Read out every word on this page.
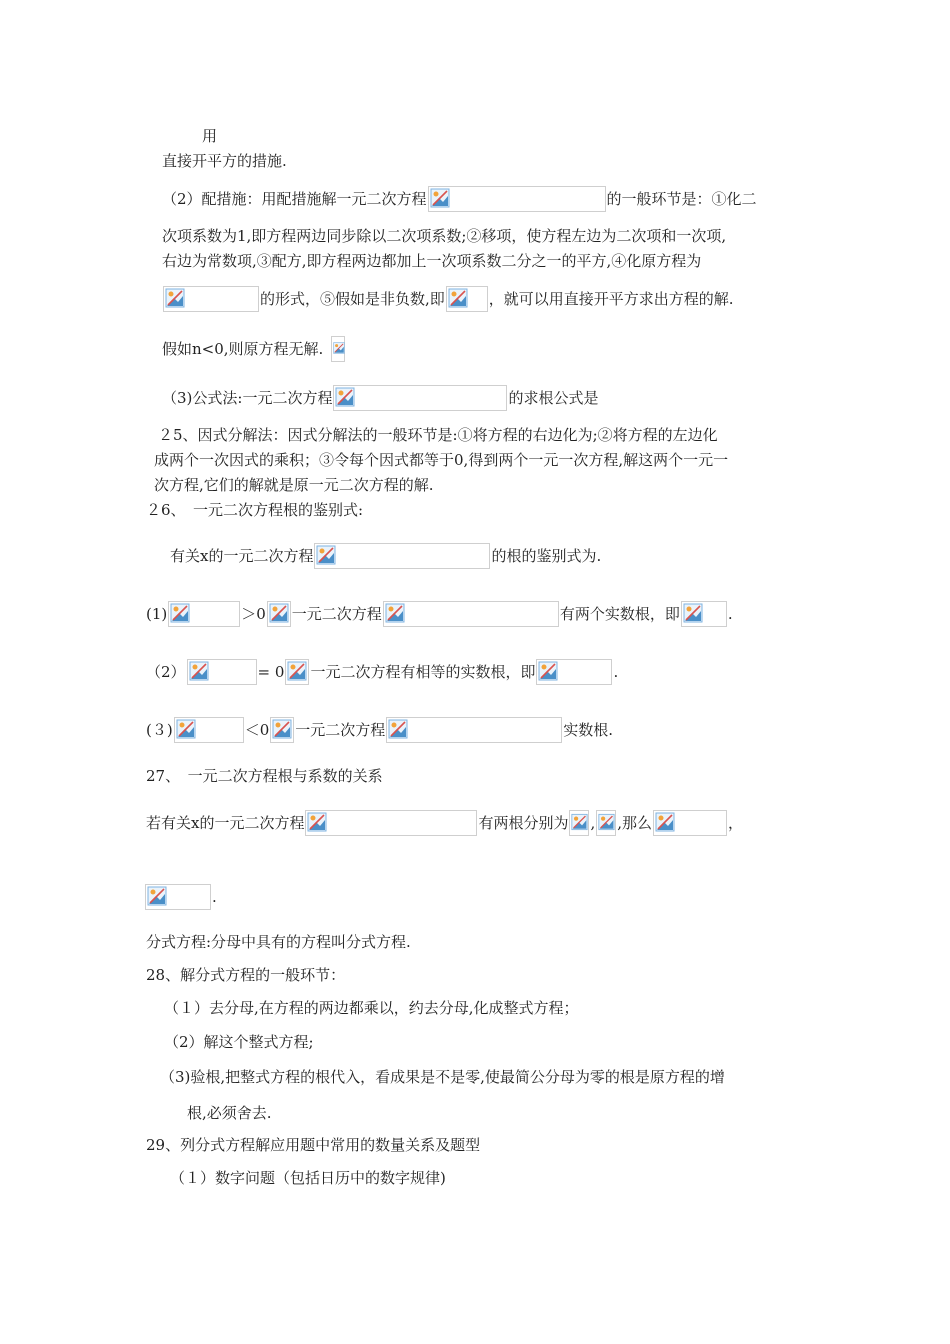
用
直接开平方的措施.
（2）配措施：用配措施解一元二次方程	的一般环节是：①化二
次项系数为1,即方程两边同步除以二次项系数;②移项，使方程左边为二次项和一次项,
右边为常数项,③配方,即方程两边都加上一次项系数二分之一的平方,④化原方程为
的形式，⑤假如是非负数,即	，就可以用直接开平方求出方程的解.
假如n<0,则原方程无解.
（3)公式法:一元二次方程	的求根公式是
２5、因式分解法：因式分解法的一般环节是:①将方程的右边化为;②将方程的左边化
成两个一次因式的乘积；③令每个因式都等于0,得到两个一元一次方程,解这两个一元一
次方程,它们的解就是原一元二次方程的解.
２6、　一元二次方程根的鉴别式:
有关x的一元二次方程	的根的鉴别式为.
(1)	＞0 一元二次方程	有两个实数根，即	.
（2）	= 0 一元二次方程有相等的实数根，即	.
(３)	＜0 一元二次方程	实数根.
27、　一元二次方程根与系数的关系
若有关x的一元二次方程	有两根分别为 , ,那么	，
.
分式方程:分母中具有的方程叫分式方程.
28、解分式方程的一般环节：
（１）去分母,在方程的两边都乘以，约去分母,化成整式方程；
（2）解这个整式方程;
（3)验根,把整式方程的根代入，看成果是不是零,使最简公分母为零的根是原方程的增
根,必须舍去.
29、列分式方程解应用题中常用的数量关系及题型
（１）数字问题（包括日历中的数字规律)
